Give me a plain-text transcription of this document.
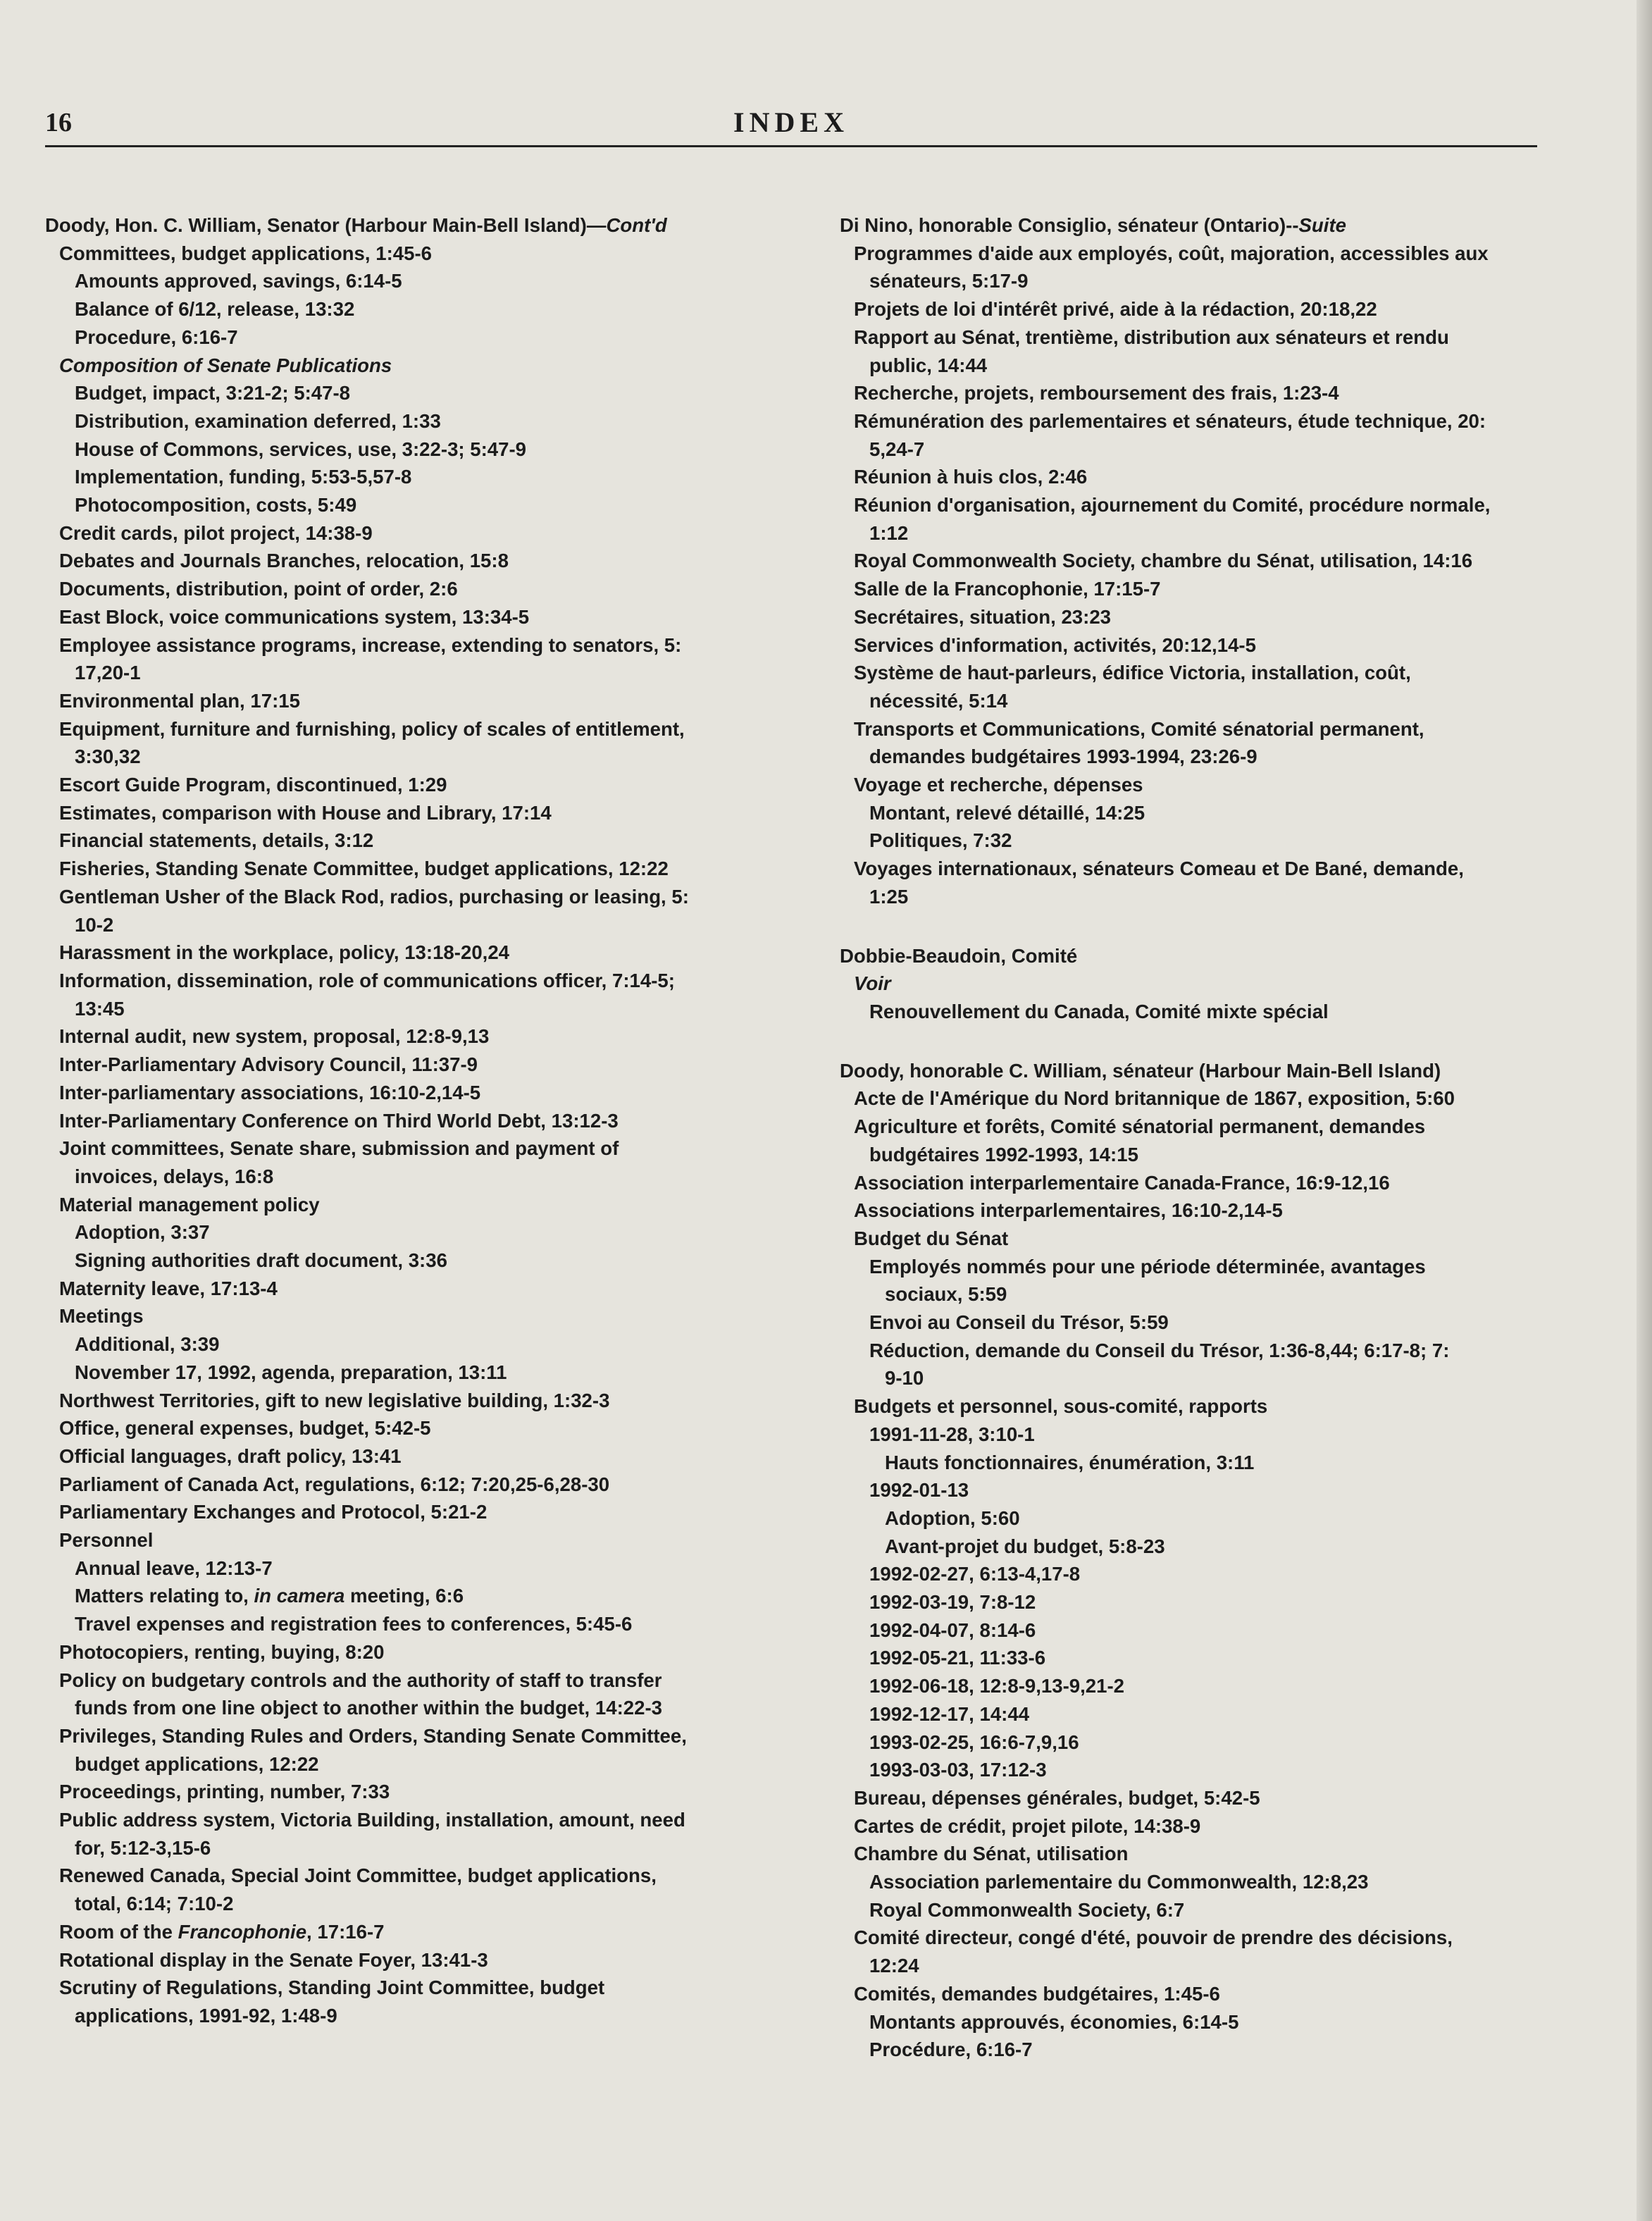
16	INDEX
Doody, Hon. C. William, Senator (Harbour Main-Bell Island)—Cont'd
Committees, budget applications, 1:45-6
Amounts approved, savings, 6:14-5
Balance of 6/12, release, 13:32
Procedure, 6:16-7
Composition of Senate Publications
Budget, impact, 3:21-2; 5:47-8
Distribution, examination deferred, 1:33
House of Commons, services, use, 3:22-3; 5:47-9
Implementation, funding, 5:53-5,57-8
Photocomposition, costs, 5:49
Credit cards, pilot project, 14:38-9
Debates and Journals Branches, relocation, 15:8
Documents, distribution, point of order, 2:6
East Block, voice communications system, 13:34-5
Employee assistance programs, increase, extending to senators, 5:
17,20-1
Environmental plan, 17:15
Equipment, furniture and furnishing, policy of scales of entitlement,
3:30,32
Escort Guide Program, discontinued, 1:29
Estimates, comparison with House and Library, 17:14
Financial statements, details, 3:12
Fisheries, Standing Senate Committee, budget applications, 12:22
Gentleman Usher of the Black Rod, radios, purchasing or leasing, 5:
10-2
Harassment in the workplace, policy, 13:18-20,24
Information, dissemination, role of communications officer, 7:14-5;
13:45
Internal audit, new system, proposal, 12:8-9,13
Inter-Parliamentary Advisory Council, 11:37-9
Inter-parliamentary associations, 16:10-2,14-5
Inter-Parliamentary Conference on Third World Debt, 13:12-3
Joint committees, Senate share, submission and payment of
invoices, delays, 16:8
Material management policy
Adoption, 3:37
Signing authorities draft document, 3:36
Maternity leave, 17:13-4
Meetings
Additional, 3:39
November 17, 1992, agenda, preparation, 13:11
Northwest Territories, gift to new legislative building, 1:32-3
Office, general expenses, budget, 5:42-5
Official languages, draft policy, 13:41
Parliament of Canada Act, regulations, 6:12; 7:20,25-6,28-30
Parliamentary Exchanges and Protocol, 5:21-2
Personnel
Annual leave, 12:13-7
Matters relating to, in camera meeting, 6:6
Travel expenses and registration fees to conferences, 5:45-6
Photocopiers, renting, buying, 8:20
Policy on budgetary controls and the authority of staff to transfer
funds from one line object to another within the budget, 14:22-3
Privileges, Standing Rules and Orders, Standing Senate Committee,
budget applications, 12:22
Proceedings, printing, number, 7:33
Public address system, Victoria Building, installation, amount, need
for, 5:12-3,15-6
Renewed Canada, Special Joint Committee, budget applications,
total, 6:14; 7:10-2
Room of the Francophonie, 17:16-7
Rotational display in the Senate Foyer, 13:41-3
Scrutiny of Regulations, Standing Joint Committee, budget
applications, 1991-92, 1:48-9
Di Nino, honorable Consiglio, sénateur (Ontario)--Suite
Programmes d'aide aux employés, coût, majoration, accessibles aux
sénateurs, 5:17-9
Projets de loi d'intérêt privé, aide à la rédaction, 20:18,22
Rapport au Sénat, trentième, distribution aux sénateurs et rendu
public, 14:44
Recherche, projets, remboursement des frais, 1:23-4
Rémunération des parlementaires et sénateurs, étude technique, 20:
5,24-7
Réunion à huis clos, 2:46
Réunion d'organisation, ajournement du Comité, procédure normale,
1:12
Royal Commonwealth Society, chambre du Sénat, utilisation, 14:16
Salle de la Francophonie, 17:15-7
Secrétaires, situation, 23:23
Services d'information, activités, 20:12,14-5
Système de haut-parleurs, édifice Victoria, installation, coût,
nécessité, 5:14
Transports et Communications, Comité sénatorial permanent,
demandes budgétaires 1993-1994, 23:26-9
Voyage et recherche, dépenses
Montant, relevé détaillé, 14:25
Politiques, 7:32
Voyages internationaux, sénateurs Comeau et De Bané, demande,
1:25
Dobbie-Beaudoin, Comité
Voir
Renouvellement du Canada, Comité mixte spécial
Doody, honorable C. William, sénateur (Harbour Main-Bell Island)
Acte de l'Amérique du Nord britannique de 1867, exposition, 5:60
Agriculture et forêts, Comité sénatorial permanent, demandes
budgétaires 1992-1993, 14:15
Association interparlementaire Canada-France, 16:9-12,16
Associations interparlementaires, 16:10-2,14-5
Budget du Sénat
Employés nommés pour une période déterminée, avantages
sociaux, 5:59
Envoi au Conseil du Trésor, 5:59
Réduction, demande du Conseil du Trésor, 1:36-8,44; 6:17-8; 7:
9-10
Budgets et personnel, sous-comité, rapports
1991-11-28, 3:10-1
Hauts fonctionnaires, énumération, 3:11
1992-01-13
Adoption, 5:60
Avant-projet du budget, 5:8-23
1992-02-27, 6:13-4,17-8
1992-03-19, 7:8-12
1992-04-07, 8:14-6
1992-05-21, 11:33-6
1992-06-18, 12:8-9,13-9,21-2
1992-12-17, 14:44
1993-02-25, 16:6-7,9,16
1993-03-03, 17:12-3
Bureau, dépenses générales, budget, 5:42-5
Cartes de crédit, projet pilote, 14:38-9
Chambre du Sénat, utilisation
Association parlementaire du Commonwealth, 12:8,23
Royal Commonwealth Society, 6:7
Comité directeur, congé d'été, pouvoir de prendre des décisions,
12:24
Comités, demandes budgétaires, 1:45-6
Montants approuvés, économies, 6:14-5
Procédure, 6:16-7
